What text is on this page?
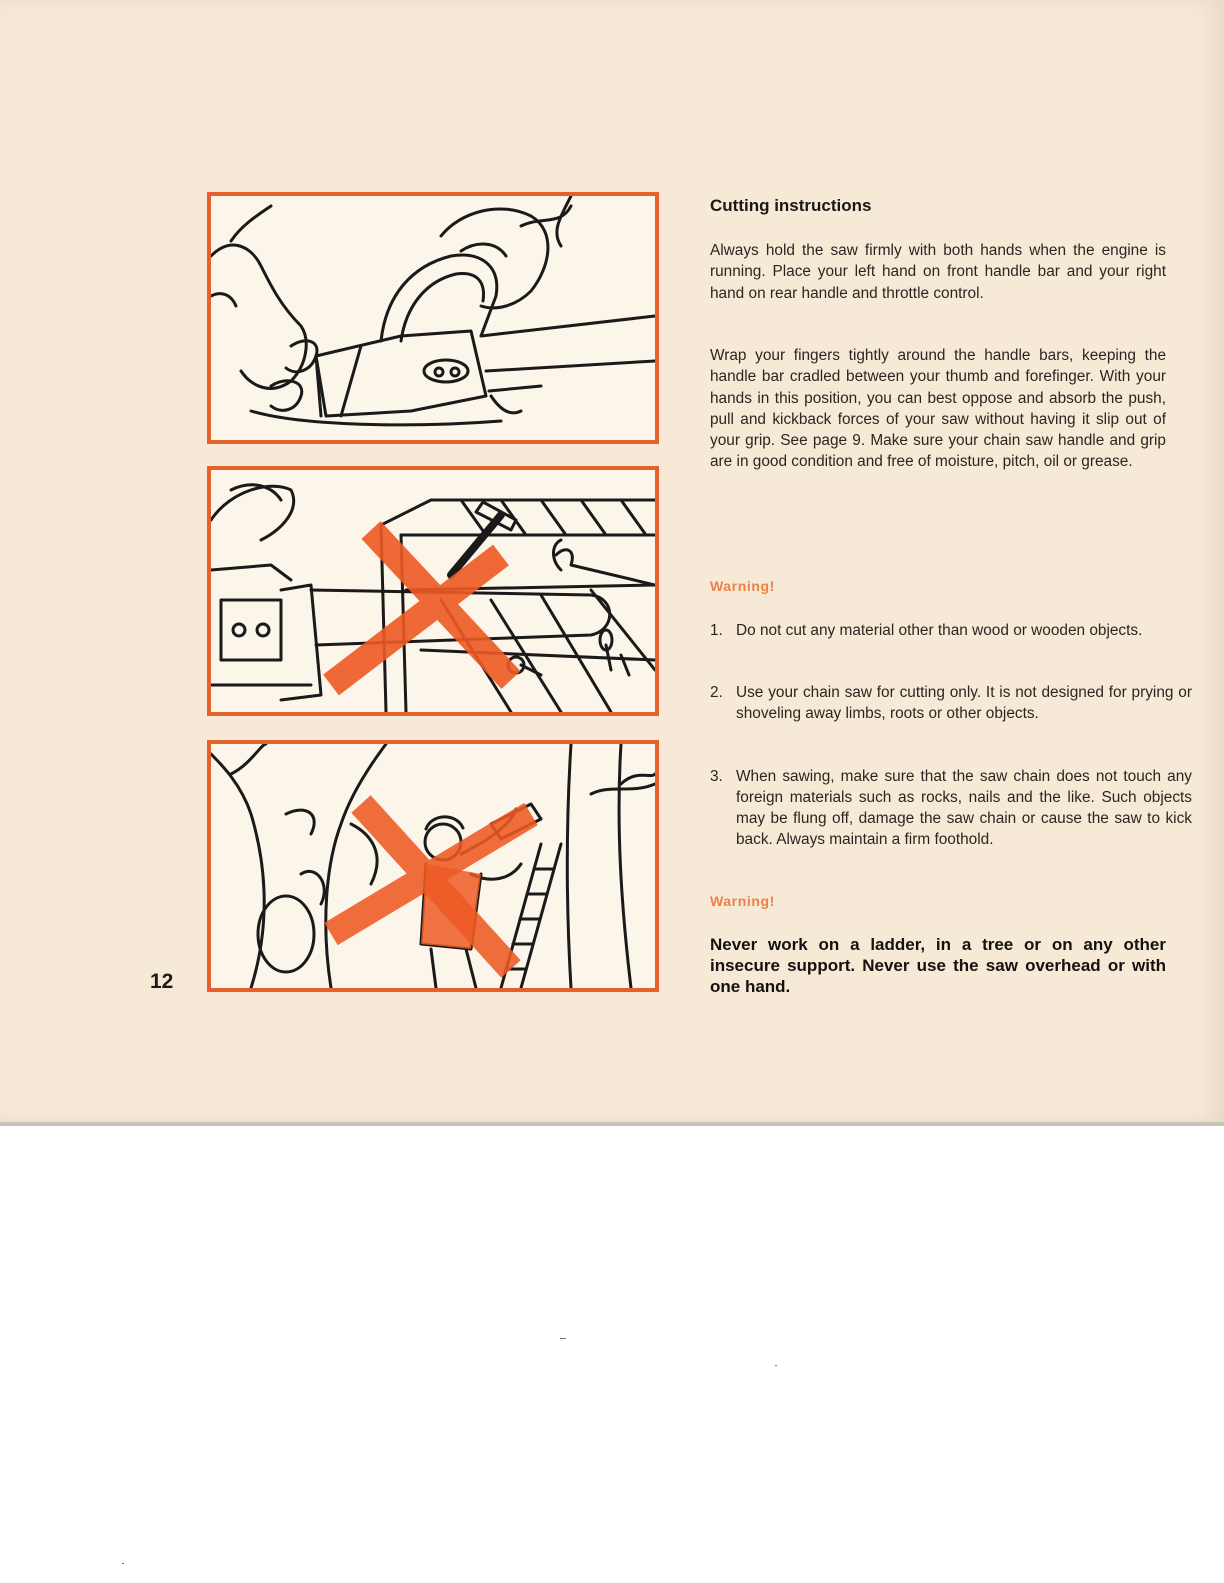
12
Cutting instructions
Always hold the saw firmly with both hands when the engine is running. Place your left hand on front handle bar and your right hand on rear handle and throttle control.
Wrap your fingers tightly around the handle bars, keeping the handle bar cradled between your thumb and forefinger. With your hands in this position, you can best oppose and absorb the push, pull and kickback forces of your saw without having it slip out of your grip. See page 9. Make sure your chain saw handle and grip are in good condition and free of moisture, pitch, oil or grease.
Warning!
1. Do not cut any material other than wood or wooden objects.
2. Use your chain saw for cutting only. It is not designed for prying or shoveling away limbs, roots or other objects.
3. When sawing, make sure that the saw chain does not touch any foreign materials such as rocks, nails and the like. Such objects may be flung off, damage the saw chain or cause the saw to kick back. Always maintain a firm foothold.
Warning!
Never work on a ladder, in a tree or on any other insecure support. Never use the saw overhead or with one hand.
